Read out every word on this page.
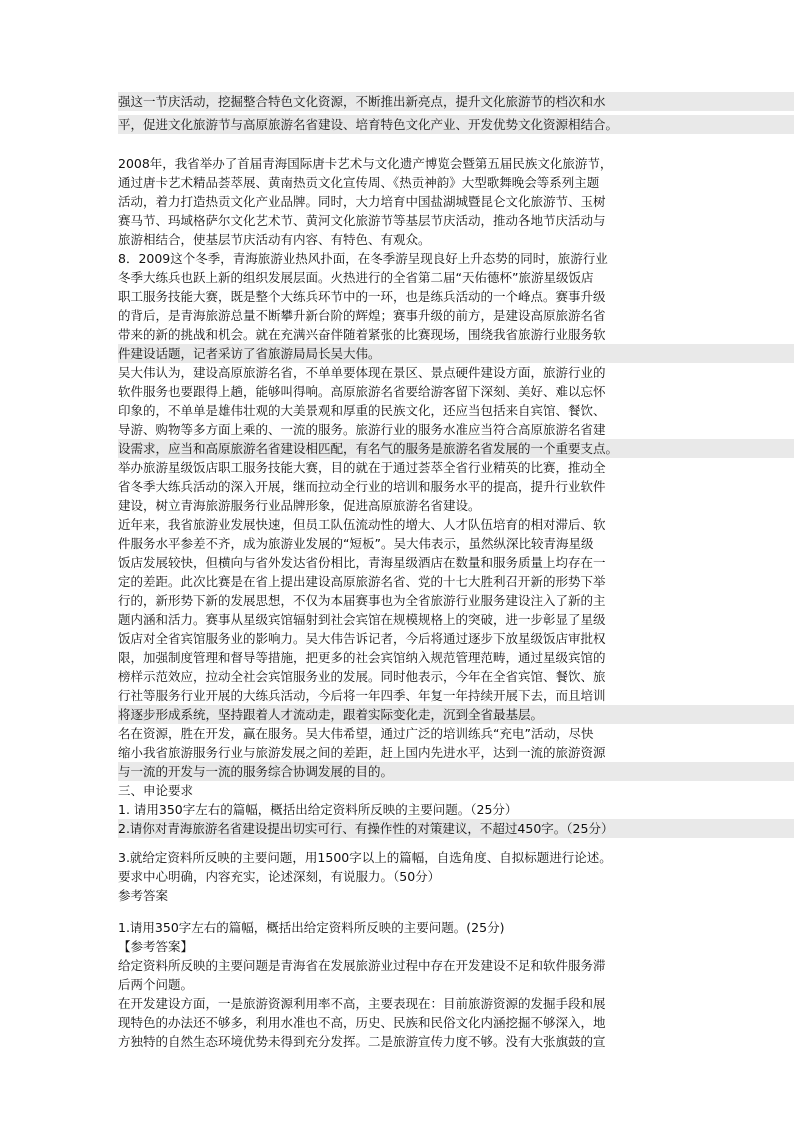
强这一节庆活动，挖掘整合特色文化资源，不断推出新亮点，提升文化旅游节的档次和水
平，促进文化旅游节与高原旅游名省建设、培育特色文化产业、开发优势文化资源相结合。
2008年，我省举办了首届青海国际唐卡艺术与文化遗产博览会暨第五届民族文化旅游节，
通过唐卡艺术精品荟萃展、黄南热贡文化宣传周、《热贡神韵》大型歌舞晚会等系列主题
活动，着力打造热贡文化产业品牌。同时，大力培育中国盐湖城暨昆仑文化旅游节、玉树
赛马节、玛域格萨尔文化艺术节、黄河文化旅游节等基层节庆活动，推动各地节庆活动与
旅游相结合，使基层节庆活动有内容、有特色、有观众。
8．2009这个冬季，青海旅游业热风扑面，在冬季游呈现良好上升态势的同时，旅游行业
冬季大练兵也跃上新的组织发展层面。火热进行的全省第二届“天佑德杯”旅游星级饭店
职工服务技能大赛，既是整个大练兵环节中的一环，也是练兵活动的一个峰点。赛事升级
的背后，是青海旅游总量不断攀升新台阶的辉煌；赛事升级的前方，是建设高原旅游名省
带来的新的挑战和机会。就在充满兴奋伴随着紧张的比赛现场，围绕我省旅游行业服务软
件建设话题，记者采访了省旅游局局长吴大伟。
吴大伟认为，建设高原旅游名省，不单单要体现在景区、景点硬件建设方面，旅游行业的
软件服务也要跟得上趟，能够叫得响。高原旅游名省要给游客留下深刻、美好、难以忘怀
印象的，不单单是雄伟壮观的大美景观和厚重的民族文化，还应当包括来自宾馆、餐饮、
导游、购物等多方面上乘的、一流的服务。旅游行业的服务水准应当符合高原旅游名省建
设需求，应当和高原旅游名省建设相匹配，有名气的服务是旅游名省发展的一个重要支点。
举办旅游星级饭店职工服务技能大赛，目的就在于通过荟萃全省行业精英的比赛，推动全
省冬季大练兵活动的深入开展，继而拉动全行业的培训和服务水平的提高，提升行业软件
建设，树立青海旅游服务行业品牌形象，促进高原旅游名省建设。
近年来，我省旅游业发展快速，但员工队伍流动性的增大、人才队伍培育的相对滞后、软
件服务水平参差不齐，成为旅游业发展的“短板”。吴大伟表示，虽然纵深比较青海星级
饭店发展较快，但横向与省外发达省份相比，青海星级酒店在数量和服务质量上均存在一
定的差距。此次比赛是在省上提出建设高原旅游名省、党的十七大胜利召开新的形势下举
行的，新形势下新的发展思想，不仅为本届赛事也为全省旅游行业服务建设注入了新的主
题内涵和活力。赛事从星级宾馆辐射到社会宾馆在规模规格上的突破，进一步彰显了星级
饭店对全省宾馆服务业的影响力。吴大伟告诉记者，今后将通过逐步下放星级饭店审批权
限，加强制度管理和督导等措施，把更多的社会宾馆纳入规范管理范畴，通过星级宾馆的
榜样示范效应，拉动全社会宾馆服务业的发展。同时他表示，今年在全省宾馆、餐饮、旅
行社等服务行业开展的大练兵活动，今后将一年四季、年复一年持续开展下去，而且培训
将逐步形成系统，坚持跟着人才流动走，跟着实际变化走，沉到全省最基层。
名在资源，胜在开发，赢在服务。吴大伟希望，通过广泛的培训练兵“充电”活动，尽快
缩小我省旅游服务行业与旅游发展之间的差距，赶上国内先进水平，达到一流的旅游资源
与一流的开发与一流的服务综合协调发展的目的。
三、申论要求
1. 请用350字左右的篇幅，概括出给定资料所反映的主要问题。（25分）
2.请你对青海旅游名省建设提出切实可行、有操作性的对策建议，不超过450字。（25分）
3.就给定资料所反映的主要问题，用1500字以上的篇幅，自选角度、自拟标题进行论述。
要求中心明确，内容充实，论述深刻，有说服力。（50分）
参考答案
1.请用350字左右的篇幅，概括出给定资料所反映的主要问题。(25分)
【参考答案】
给定资料所反映的主要问题是青海省在发展旅游业过程中存在开发建设不足和软件服务滞
后两个问题。
在开发建设方面，一是旅游资源利用率不高，主要表现在：目前旅游资源的发掘手段和展
现特色的办法还不够多，利用水准也不高，历史、民族和民俗文化内涵挖掘不够深入，地
方独特的自然生态环境优势未得到充分发挥。二是旅游宣传力度不够。没有大张旗鼓的宣
